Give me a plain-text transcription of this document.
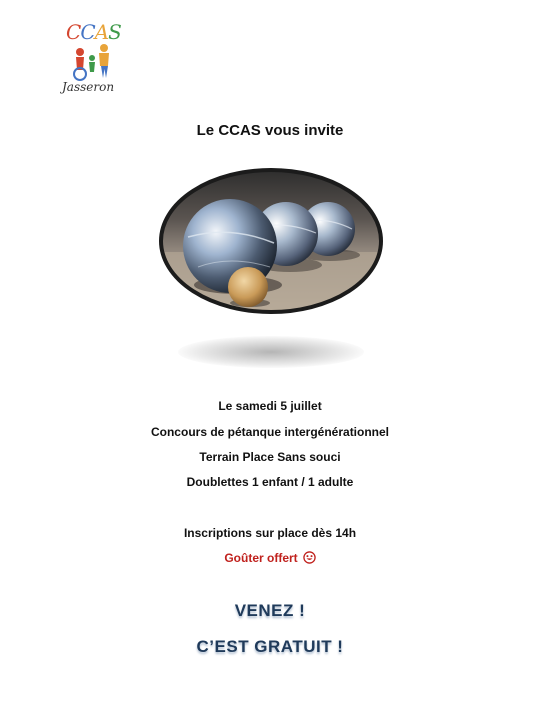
CCAS
Jasseron
Le CCAS vous invite
Le samedi 5 juillet
Concours de pétanque intergénérationnel
Terrain Place Sans souci
Doublettes 1 enfant / 1 adulte
Inscriptions sur place dès 14h
Goûter offert
VENEZ !
C’EST GRATUIT !
